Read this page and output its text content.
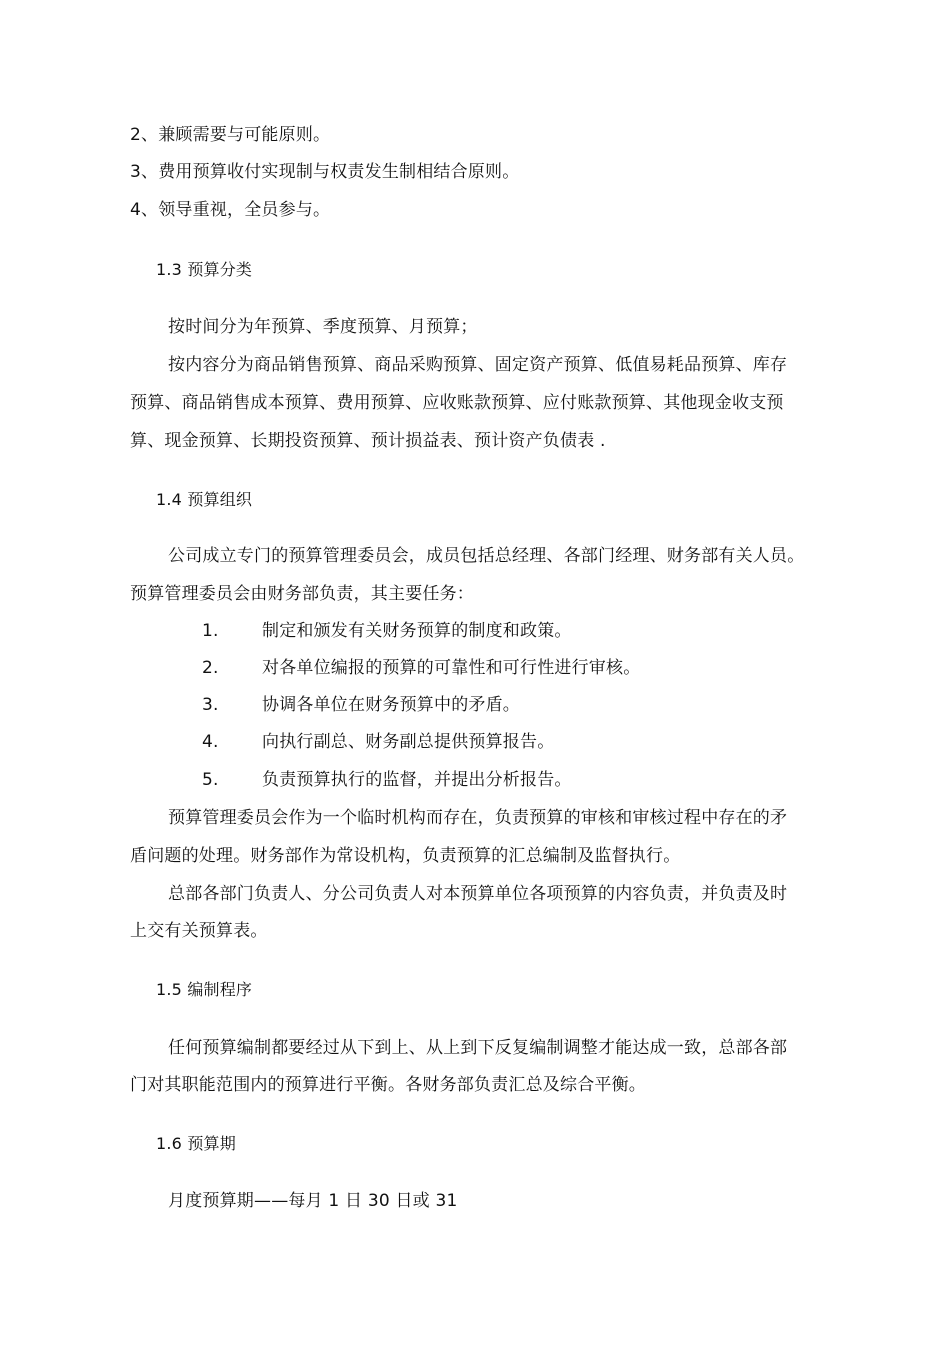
2、兼顾需要与可能原则。
3、费用预算收付实现制与权责发生制相结合原则。
4、领导重视，全员参与。
1.3 预算分类
按时间分为年预算、季度预算、月预算；
按内容分为商品销售预算、商品采购预算、固定资产预算、低值易耗品预算、库存
预算、商品销售成本预算、费用预算、应收账款预算、应付账款预算、其他现金收支预
算、现金预算、长期投资预算、预计损益表、预计资产负债表 .
1.4 预算组织
公司成立专门的预算管理委员会，成员包括总经理、各部门经理、财务部有关人员。
预算管理委员会由财务部负责，其主要任务：
1.	制定和颁发有关财务预算的制度和政策。
2.	对各单位编报的预算的可靠性和可行性进行审核。
3.	协调各单位在财务预算中的矛盾。
4.	向执行副总、财务副总提供预算报告。
5.	负责预算执行的监督，并提出分析报告。
预算管理委员会作为一个临时机构而存在，负责预算的审核和审核过程中存在的矛
盾问题的处理。财务部作为常设机构，负责预算的汇总编制及监督执行。
总部各部门负责人、分公司负责人对本预算单位各项预算的内容负责，并负责及时
上交有关预算表。
1.5 编制程序
任何预算编制都要经过从下到上、从上到下反复编制调整才能达成一致，总部各部
门对其职能范围内的预算进行平衡。各财务部负责汇总及综合平衡。
1.6 预算期
月度预算期——每月 1 日 30 日或 31
